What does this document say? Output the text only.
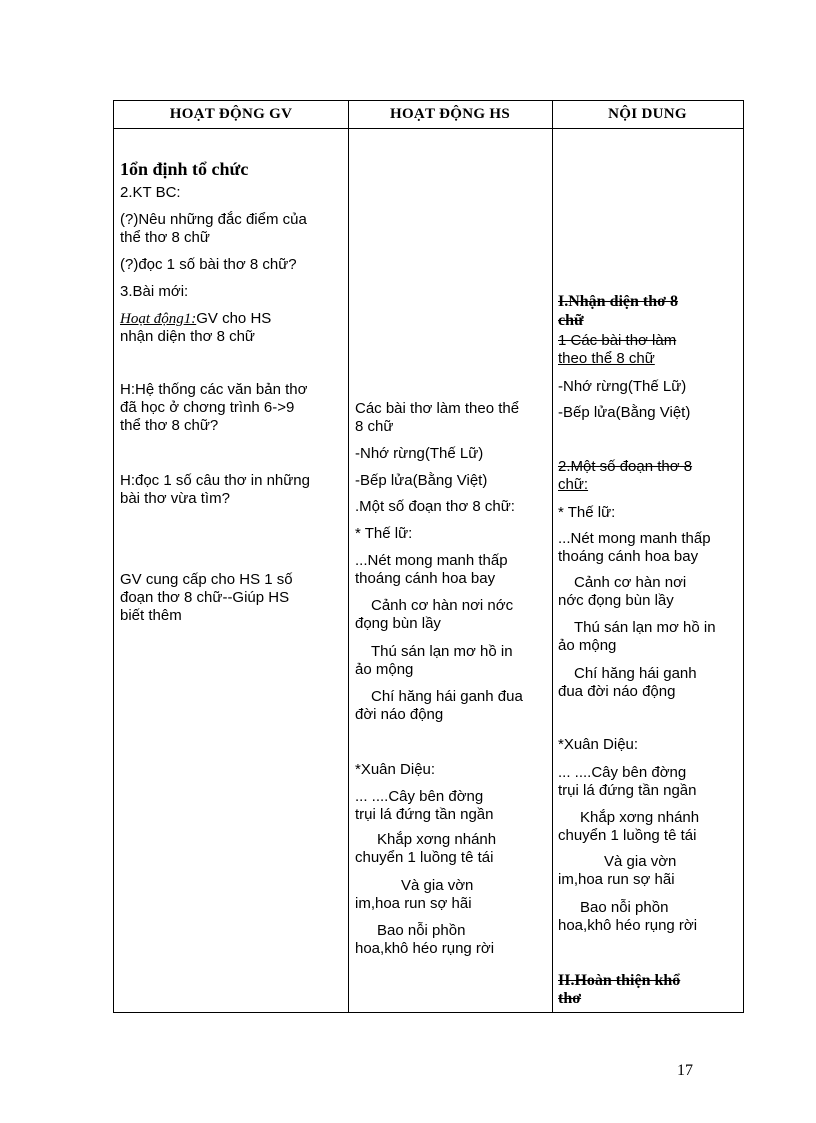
HOẠT ĐỘNG GV	HOẠT ĐỘNG HS	NỘI DUNG
1ổn định tổ chức
2.KT BC:
(?)Nêu những đắc điểm của
thể thơ 8 chữ
(?)đọc 1 số bài thơ 8 chữ?
3.Bài mới:
Hoạt động1:GV cho HS
nhận diện thơ 8 chữ
H:Hệ thống các văn bản thơ
đã học ở chơng trình 6->9
thể thơ 8 chữ?
H:đọc 1 số câu thơ in những
bài thơ vừa tìm?
GV cung cấp cho HS 1 số
đoạn thơ 8 chữ--Giúp HS
biết thêm
Các bài thơ làm theo thể
8 chữ
-Nhớ rừng(Thế Lữ)
-Bếp lửa(Bằng Việt)
.Một số đoạn thơ 8 chữ:
* Thế lữ:
...Nét mong manh thấp
thoáng cánh hoa bay
Cảnh cơ hàn nơi nớc
đọng bùn lầy
Thú sán lạn mơ hồ in
ảo mộng
Chí hăng hái ganh đua
đời náo động
*Xuân Diệu:
... ....Cây bên đờng
trụi lá đứng tần ngần
Khắp xơng nhánh
chuyển 1 luồng tê tái
Và gia vờn
im,hoa run sợ hãi
Bao nỗi phồn
hoa,khô héo rụng rời
I.Nhận diện thơ 8
chữ
1 Các bài thơ làm
theo thể 8 chữ
-Nhớ rừng(Thế Lữ)
-Bếp lửa(Bằng Việt)
2.Một số đoạn thơ 8
chữ:
* Thế lữ:
...Nét mong manh thấp
thoáng cánh hoa bay
Cảnh cơ hàn nơi
nớc đọng bùn lầy
Thú sán lạn mơ hồ in
ảo mộng
Chí hăng hái ganh
đua đời náo động
*Xuân Diệu:
... ....Cây bên đờng
trụi lá đứng tần ngần
Khắp xơng nhánh
chuyển 1 luồng tê tái
Và gia vờn
im,hoa run sợ hãi
Bao nỗi phồn
hoa,khô héo rụng rời
II.Hoàn thiện khổ
thơ
17
